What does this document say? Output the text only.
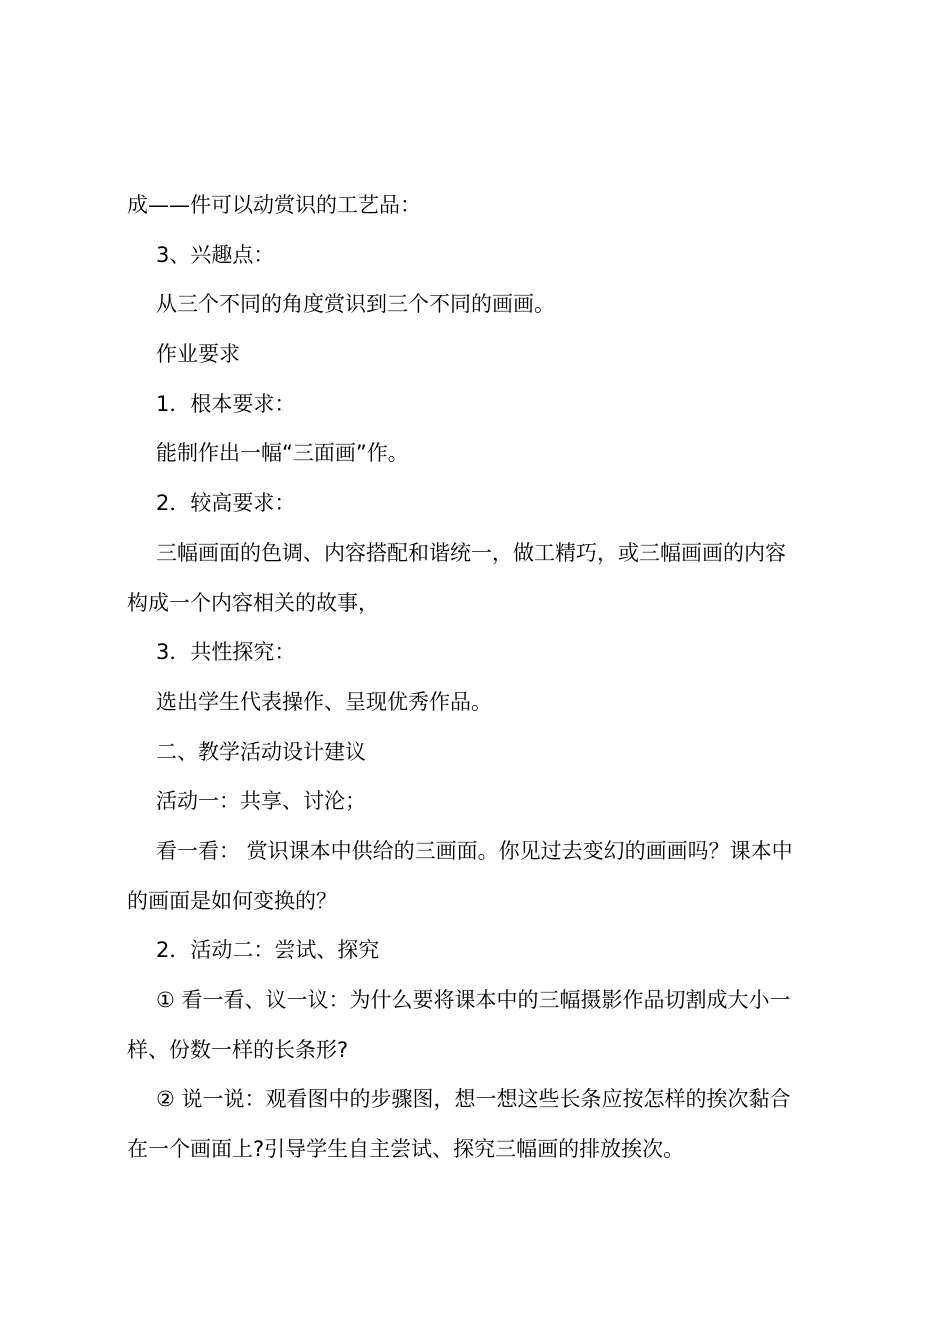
成——件可以动赏识的工艺品：
3、兴趣点：
从三个不同的角度赏识到三个不同的画画。
作业要求
1．根本要求：
能制作出一幅“三面画”作。
2．较高要求：
三幅画面的色调、内容搭配和谐统一，做工精巧，或三幅画画的内容
构成一个内容相关的故事，
3．共性探究：
选出学生代表操作、呈现优秀作品。
二、教学活动设计建议
活动一：共享、讨沦；
看一看： 赏识课本中供给的三画面。你见过去变幻的画画吗？课本中
的画面是如何变换的？
2．活动二：尝试、探究
① 看一看、议一议：为什么要将课本中的三幅摄影作品切割成大小一
样、份数一样的长条形?
② 说一说：观看图中的步骤图，想一想这些长条应按怎样的挨次黏合
在一个画面上?引导学生自主尝试、探究三幅画的排放挨次。
